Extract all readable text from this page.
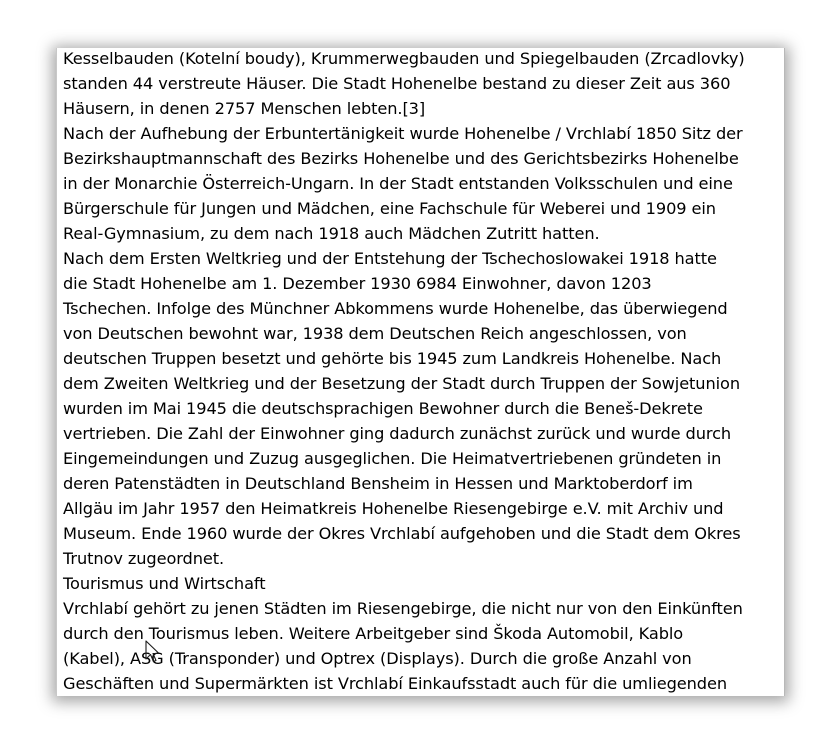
Kesselbauden (Kotelní boudy), Krummerwegbauden und Spiegelbauden (Zrcadlovky)
standen 44 verstreute Häuser. Die Stadt Hohenelbe bestand zu dieser Zeit aus 360
Häusern, in denen 2757 Menschen lebten.[3]
Nach der Aufhebung der Erbuntertänigkeit wurde Hohenelbe / Vrchlabí 1850 Sitz der
Bezirkshauptmannschaft des Bezirks Hohenelbe und des Gerichtsbezirks Hohenelbe
in der Monarchie Österreich-Ungarn. In der Stadt entstanden Volksschulen und eine
Bürgerschule für Jungen und Mädchen, eine Fachschule für Weberei und 1909 ein
Real-Gymnasium, zu dem nach 1918 auch Mädchen Zutritt hatten.
Nach dem Ersten Weltkrieg und der Entstehung der Tschechoslowakei 1918 hatte
die Stadt Hohenelbe am 1. Dezember 1930 6984 Einwohner, davon 1203
Tschechen. Infolge des Münchner Abkommens wurde Hohenelbe, das überwiegend
von Deutschen bewohnt war, 1938 dem Deutschen Reich angeschlossen, von
deutschen Truppen besetzt und gehörte bis 1945 zum Landkreis Hohenelbe. Nach
dem Zweiten Weltkrieg und der Besetzung der Stadt durch Truppen der Sowjetunion
wurden im Mai 1945 die deutschsprachigen Bewohner durch die Beneš-Dekrete
vertrieben. Die Zahl der Einwohner ging dadurch zunächst zurück und wurde durch
Eingemeindungen und Zuzug ausgeglichen. Die Heimatvertriebenen gründeten in
deren Patenstädten in Deutschland Bensheim in Hessen und Marktoberdorf im
Allgäu im Jahr 1957 den Heimatkreis Hohenelbe Riesengebirge e.V. mit Archiv und
Museum. Ende 1960 wurde der Okres Vrchlabí aufgehoben und die Stadt dem Okres
Trutnov zugeordnet.
Tourismus und Wirtschaft
Vrchlabí gehört zu jenen Städten im Riesengebirge, die nicht nur von den Einkünften
durch den Tourismus leben. Weitere Arbeitgeber sind Škoda Automobil, Kablo
(Kabel), ASG (Transponder) und Optrex (Displays). Durch die große Anzahl von
Geschäften und Supermärkten ist Vrchlabí Einkaufsstadt auch für die umliegenden
